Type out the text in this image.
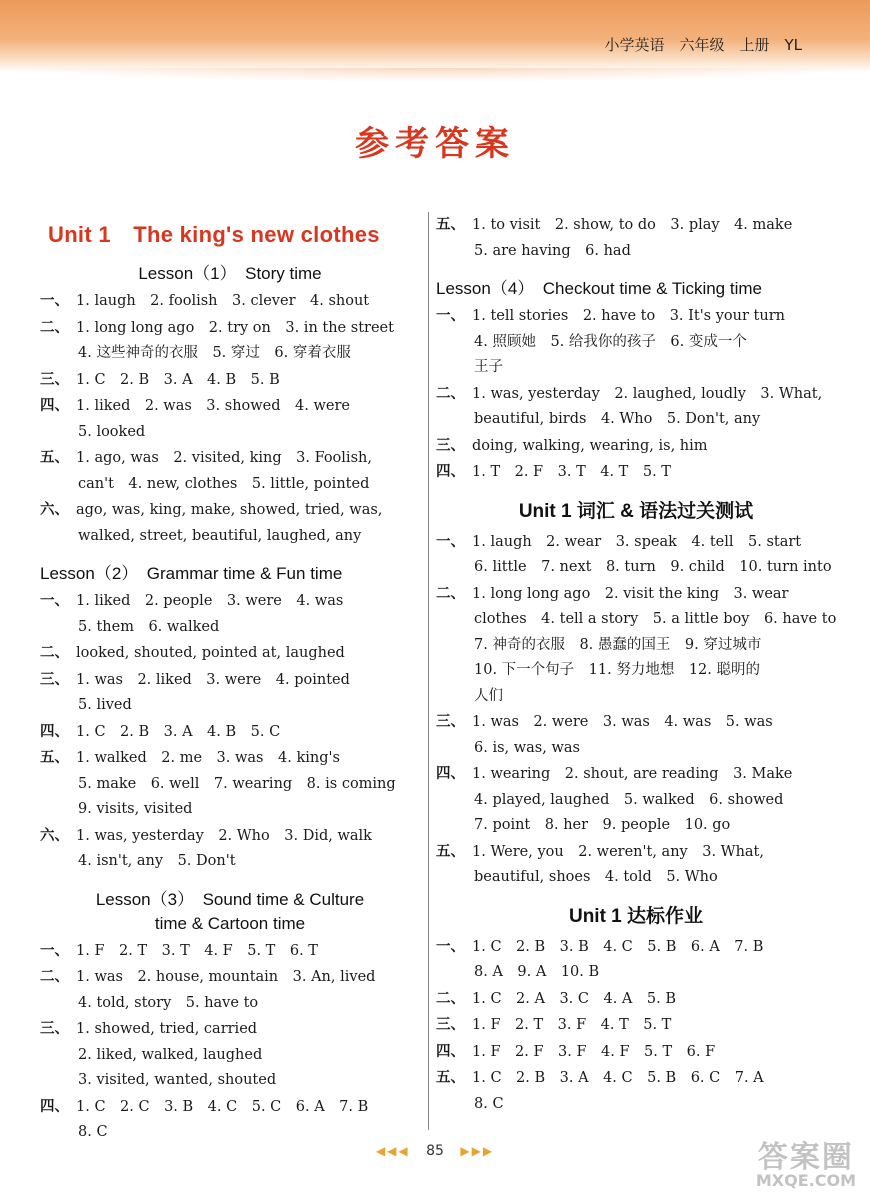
小学英语　六年级　上册　YL
参考答案
Unit 1　The king's new clothes
Lesson（1）　Story time
一、 1. laugh　2. foolish　3. clever　4. shout
二、 1. long long ago　2. try on　3. in the street
4. 这些神奇的衣服　5. 穿过　6. 穿着衣服
三、 1. C　2. B　3. A　4. B　5. B
四、 1. liked　2. was　3. showed　4. were
5. looked
五、 1. ago, was　2. visited, king　3. Foolish,
can't　4. new, clothes　5. little, pointed
六、 ago, was, king, make, showed, tried, was,
walked, street, beautiful, laughed, any
Lesson（2）　Grammar time & Fun time
一、 1. liked　2. people　3. were　4. was
5. them　6. walked
二、 looked, shouted, pointed at, laughed
三、 1. was　2. liked　3. were　4. pointed
5. lived
四、 1. C　2. B　3. A　4. B　5. C
五、 1. walked　2. me　3. was　4. king's
5. make　6. well　7. wearing　8. is coming
9. visits, visited
六、 1. was, yesterday　2. Who　3. Did, walk
4. isn't, any　5. Don't
Lesson（3）　Sound time & Culture
time & Cartoon time
一、 1. F　2. T　3. T　4. F　5. T　6. T
二、 1. was　2. house, mountain　3. An, lived
4. told, story　5. have to
三、 1. showed, tried, carried
2. liked, walked, laughed
3. visited, wanted, shouted
四、 1. C　2. C　3. B　4. C　5. C　6. A　7. B
8. C
五、 1. to visit　2. show, to do　3. play　4. make
5. are having　6. had
Lesson（4）　Checkout time & Ticking time
一、 1. tell stories　2. have to　3. It's your turn
4. 照顾她　5. 给我你的孩子　6. 变成一个
王子
二、 1. was, yesterday　2. laughed, loudly　3. What,
beautiful, birds　4. Who　5. Don't, any
三、 doing, walking, wearing, is, him
四、 1. T　2. F　3. T　4. T　5. T
Unit 1 词汇 & 语法过关测试
一、 1. laugh　2. wear　3. speak　4. tell　5. start
6. little　7. next　8. turn　9. child　10. turn into
二、 1. long long ago　2. visit the king　3. wear
clothes　4. tell a story　5. a little boy　6. have to
7. 神奇的衣服　8. 愚蠢的国王　9. 穿过城市
10. 下一个句子　11. 努力地想　12. 聪明的
人们
三、 1. was　2. were　3. was　4. was　5. was
6. is, was, was
四、 1. wearing　2. shout, are reading　3. Make
4. played, laughed　5. walked　6. showed
7. point　8. her　9. people　10. go
五、 1. Were, you　2. weren't, any　3. What,
beautiful, shoes　4. told　5. Who
Unit 1 达标作业
一、 1. C　2. B　3. B　4. C　5. B　6. A　7. B
8. A　9. A　10. B
二、 1. C　2. A　3. C　4. A　5. B
三、 1. F　2. T　3. F　4. T　5. T
四、 1. F　2. F　3. F　4. F　5. T　6. F
五、 1. C　2. B　3. A　4. C　5. B　6. C　7. A
8. C
◀◀◀ 85 ▶▶▶	答案圈
MXQE.COM
